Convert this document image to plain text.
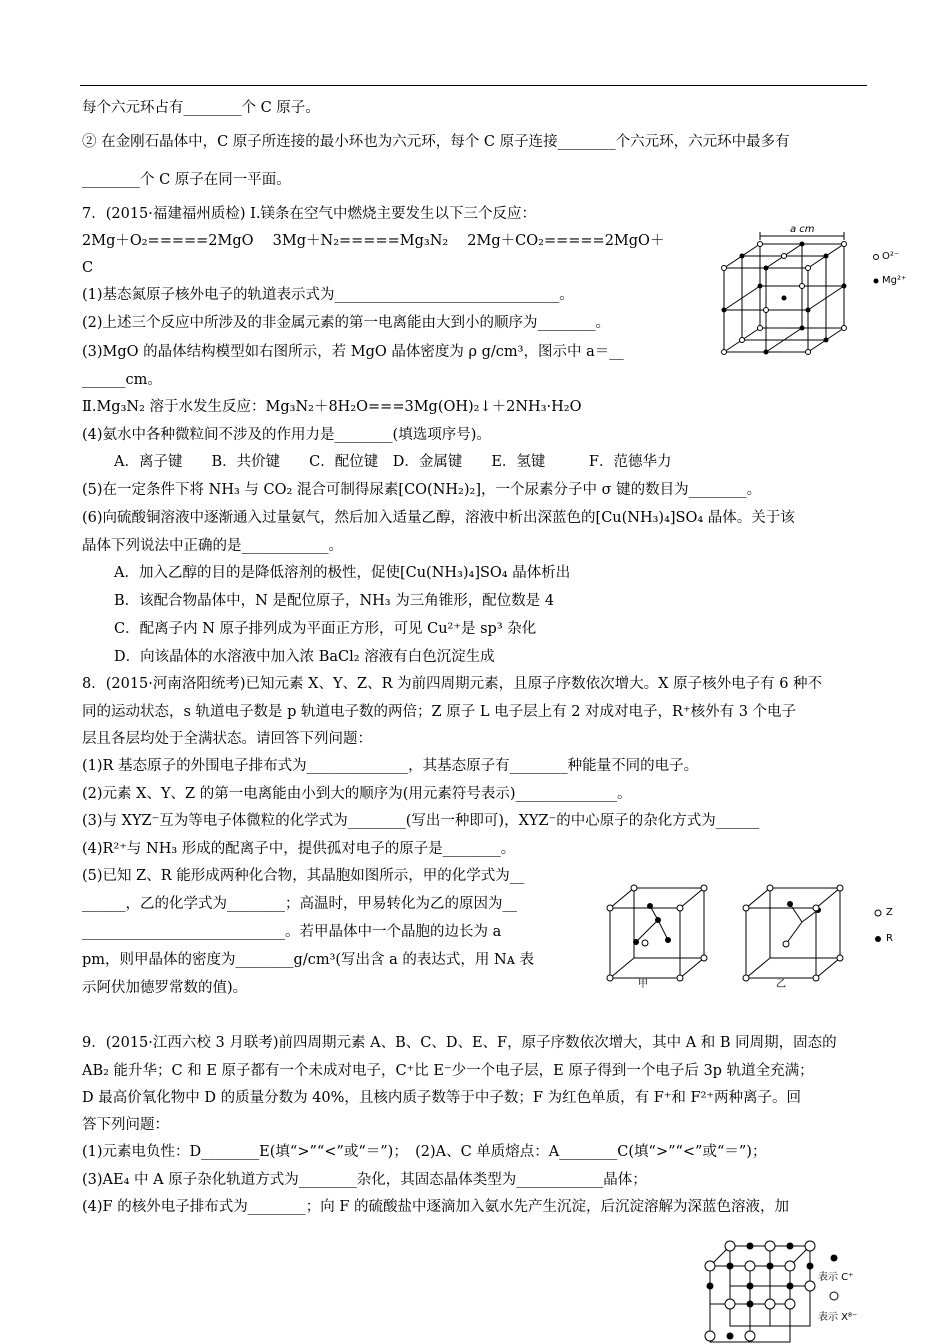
每个六元环占有________个 C 原子。
② 在金刚石晶体中，C 原子所连接的最小环也为六元环，每个 C 原子连接________个六元环，六元环中最多有
________个 C 原子在同一平面。
7．(2015·福建福州质检) Ⅰ.镁条在空气中燃烧主要发生以下三个反应：
2Mg＋O₂=====2MgO　 3Mg＋N₂=====Mg₃N₂　 2Mg＋CO₂=====2MgO＋
C
(1)基态氮原子核外电子的轨道表示式为_______________________________。
(2)上述三个反应中所涉及的非金属元素的第一电离能由大到小的顺序为________。
(3)MgO 的晶体结构模型如右图所示，若 MgO 晶体密度为 ρ g/cm³，图示中 a＝__
______cm。
Ⅱ.Mg₃N₂ 溶于水发生反应：Mg₃N₂＋8H₂O===3Mg(OH)₂↓＋2NH₃·H₂O
(4)氨水中各种微粒间不涉及的作用力是________(填选项序号)。
A．离子键　　B．共价键　　C．配位键　D．金属键　　E．氢键　　　F．范德华力
(5)在一定条件下将 NH₃ 与 CO₂ 混合可制得尿素[CO(NH₂)₂]，一个尿素分子中 σ 键的数目为________。
(6)向硫酸铜溶液中逐渐通入过量氨气，然后加入适量乙醇，溶液中析出深蓝色的[Cu(NH₃)₄]SO₄ 晶体。关于该
晶体下列说法中正确的是____________。
A．加入乙醇的目的是降低溶剂的极性，促使[Cu(NH₃)₄]SO₄ 晶体析出
B．该配合物晶体中，N 是配位原子，NH₃ 为三角锥形，配位数是 4
C．配离子内 N 原子排列成为平面正方形，可见 Cu²⁺是 sp³ 杂化
D．向该晶体的水溶液中加入浓 BaCl₂ 溶液有白色沉淀生成
8．(2015·河南洛阳统考)已知元素 X、Y、Z、R 为前四周期元素，且原子序数依次增大。X 原子核外电子有 6 种不
同的运动状态，s 轨道电子数是 p 轨道电子数的两倍；Z 原子 L 电子层上有 2 对成对电子，R⁺核外有 3 个电子
层且各层均处于全满状态。请回答下列问题：
(1)R 基态原子的外围电子排布式为______________，其基态原子有________种能量不同的电子。
(2)元素 X、Y、Z 的第一电离能由小到大的顺序为(用元素符号表示)______________。
(3)与 XYZ⁻互为等电子体微粒的化学式为________(写出一种即可)，XYZ⁻的中心原子的杂化方式为______
(4)R²⁺与 NH₃ 形成的配离子中，提供孤对电子的原子是________。
(5)已知 Z、R 能形成两种化合物，其晶胞如图所示，甲的化学式为__
______，乙的化学式为________；高温时，甲易转化为乙的原因为__
____________________________。若甲晶体中一个晶胞的边长为 a
pm，则甲晶体的密度为________g/cm³(写出含 a 的表达式，用 Nᴀ 表
示阿伏加德罗常数的值)。
9．(2015·江西六校 3 月联考)前四周期元素 A、B、C、D、E、F，原子序数依次增大，其中 A 和 B 同周期，固态的
AB₂ 能升华；C 和 E 原子都有一个未成对电子，C⁺比 E⁻少一个电子层，E 原子得到一个电子后 3p 轨道全充满；
D 最高价氧化物中 D 的质量分数为 40%，且核内质子数等于中子数；F 为红色单质，有 F⁺和 F²⁺两种离子。回
答下列问题：
(1)元素电负性：D________E(填“>”“<”或“＝”)；　(2)A、C 单质熔点：A________C(填“>”“<”或“＝”)；
(3)AE₄ 中 A 原子杂化轨道方式为________杂化，其固态晶体类型为____________晶体；
(4)F 的核外电子排布式为________；向 F 的硫酸盐中逐滴加入氨水先产生沉淀，后沉淀溶解为深蓝色溶液，加
a cm
O²⁻
Mg²⁺
甲	乙
Z
R
表示 C⁺
表示 X⁸⁻
